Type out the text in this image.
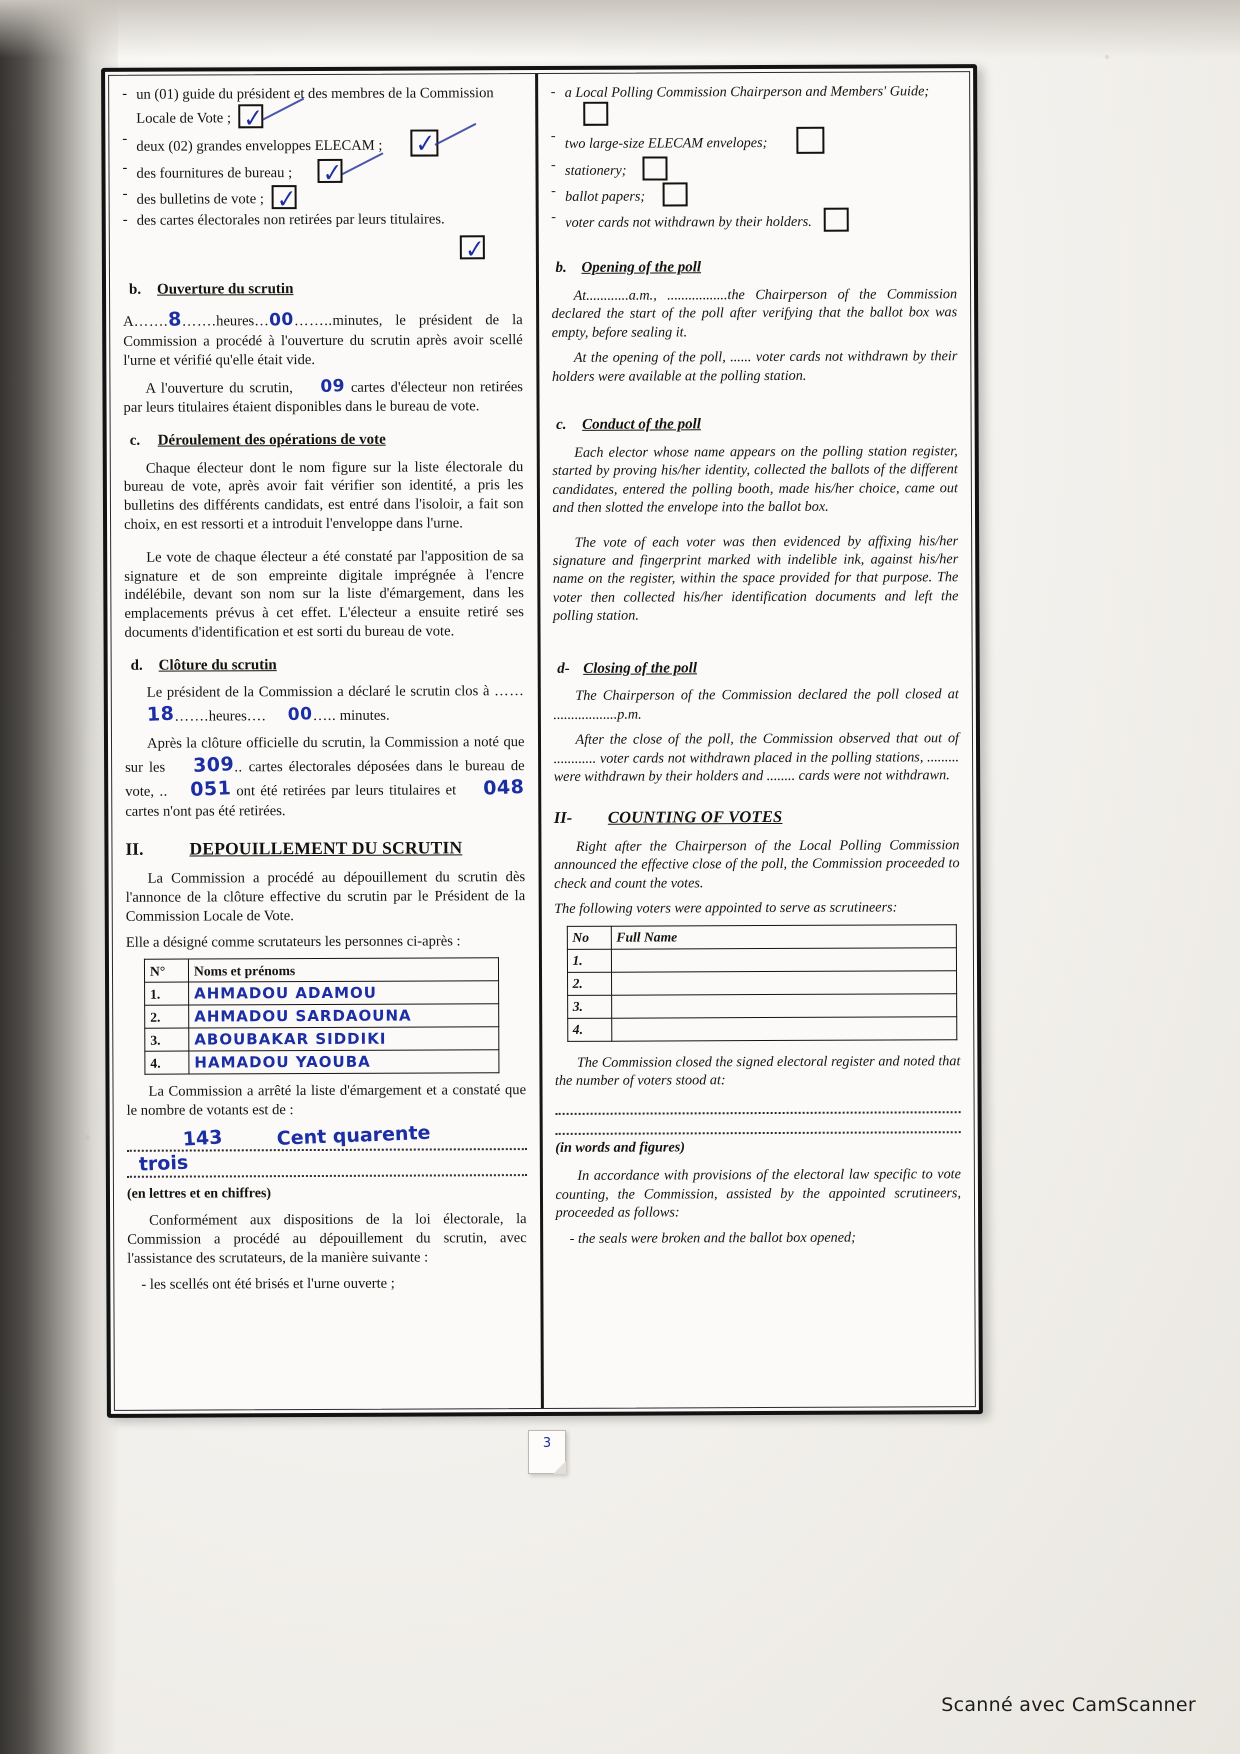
- un (01) guide du président et des membres de la Commission Locale de Vote ; ✓
- deux (02) grandes enveloppes ELECAM ; ✓
- des fournitures de bureau ; ✓
- des bulletins de vote ; ✓
- des cartes électorales non retirées par leurs titulaires.
✓
b. Ouverture du scrutin

A…….8…….heures…00……..minutes, le président de la Commission a procédé à l'ouverture du scrutin après avoir scellé l'urne et vérifié qu'elle était vide.

A l'ouverture du scrutin, 09 cartes d'électeur non retirées par leurs titulaires étaient disponibles dans le bureau de vote.

c. Déroulement des opérations de vote

Chaque électeur dont le nom figure sur la liste électorale du bureau de vote, après avoir fait vérifier son identité, a pris les bulletins des différents candidats, est entré dans l'isoloir, a fait son choix, en est ressorti et a introduit l'enveloppe dans l'urne.

Le vote de chaque électeur a été constaté par l'apposition de sa signature et de son empreinte digitale imprégnée à l'encre indélébile, devant son nom sur la liste d'émargement, dans les emplacements prévus à cet effet. L'électeur a ensuite retiré ses documents d'identification et est sorti du bureau de vote.

d. Clôture du scrutin

Le président de la Commission a déclaré le scrutin clos à ……18…….heures…. 00….. minutes.

Après la clôture officielle du scrutin, la Commission a noté que sur les 309.. cartes électorales déposées dans le bureau de vote, .. 051 ont été retirées par leurs titulaires et 048 cartes n'ont pas été retirées.

II.	DEPOUILLEMENT DU SCRUTIN

La Commission a procédé au dépouillement du scrutin dès l'annonce de la clôture effective du scrutin par le Président de la Commission Locale de Vote.

Elle a désigné comme scrutateurs les personnes ci-après :

N°	Noms et prénoms
1.	AHMADOU ADAMOU
2.	AHMADOU SARDAOUNA
3.	ABOUBAKAR SIDDIKI
4.	HAMADOU YAOUBA

La Commission a arrêté la liste d'émargement et a constaté que le nombre de votants est de :

143	Cent quarente
trois

(en lettres et en chiffres)

Conformément aux dispositions de la loi électorale, la Commission a procédé au dépouillement du scrutin, avec l'assistance des scrutateurs, de la manière suivante :

- les scellés ont été brisés et l'urne ouverte ;

- a Local Polling Commission Chairperson and Members' Guide;
- two large-size ELECAM envelopes;
- stationery;
- ballot papers;
- voter cards not withdrawn by their holders.
b. Opening of the poll

At............a.m., .................the Chairperson of the Commission declared the start of the poll after verifying that the ballot box was empty, before sealing it.

At the opening of the poll, ...... voter cards not withdrawn by their holders were available at the polling station.

c. Conduct of the poll

Each elector whose name appears on the polling station register, started by proving his/her identity, collected the ballots of the different candidates, entered the polling booth, made his/her choice, came out and then slotted the envelope into the ballot box.

The vote of each voter was then evidenced by affixing his/her signature and fingerprint marked with indelible ink, against his/her name on the register, within the space provided for that purpose. The voter then collected his/her identification documents and left the polling station.

d- Closing of the poll

The Chairperson of the Commission declared the poll closed at ..................p.m.

After the close of the poll, the Commission observed that out of ............ voter cards not withdrawn placed in the polling stations, ......... were withdrawn by their holders and ........ cards were not withdrawn.

II- COUNTING OF VOTES

Right after the Chairperson of the Local Polling Commission announced the effective close of the poll, the Commission proceeded to check and count the votes.

The following voters were appointed to serve as scrutineers:

No	Full Name
1.	
2.	
3.	
4.	

The Commission closed the signed electoral register and noted that the number of voters stood at:

(in words and figures)

In accordance with provisions of the electoral law specific to vote counting, the Commission, assisted by the appointed scrutineers, proceeded as follows:

- the seals were broken and the ballot box opened;

3
Scanné avec CamScanner
